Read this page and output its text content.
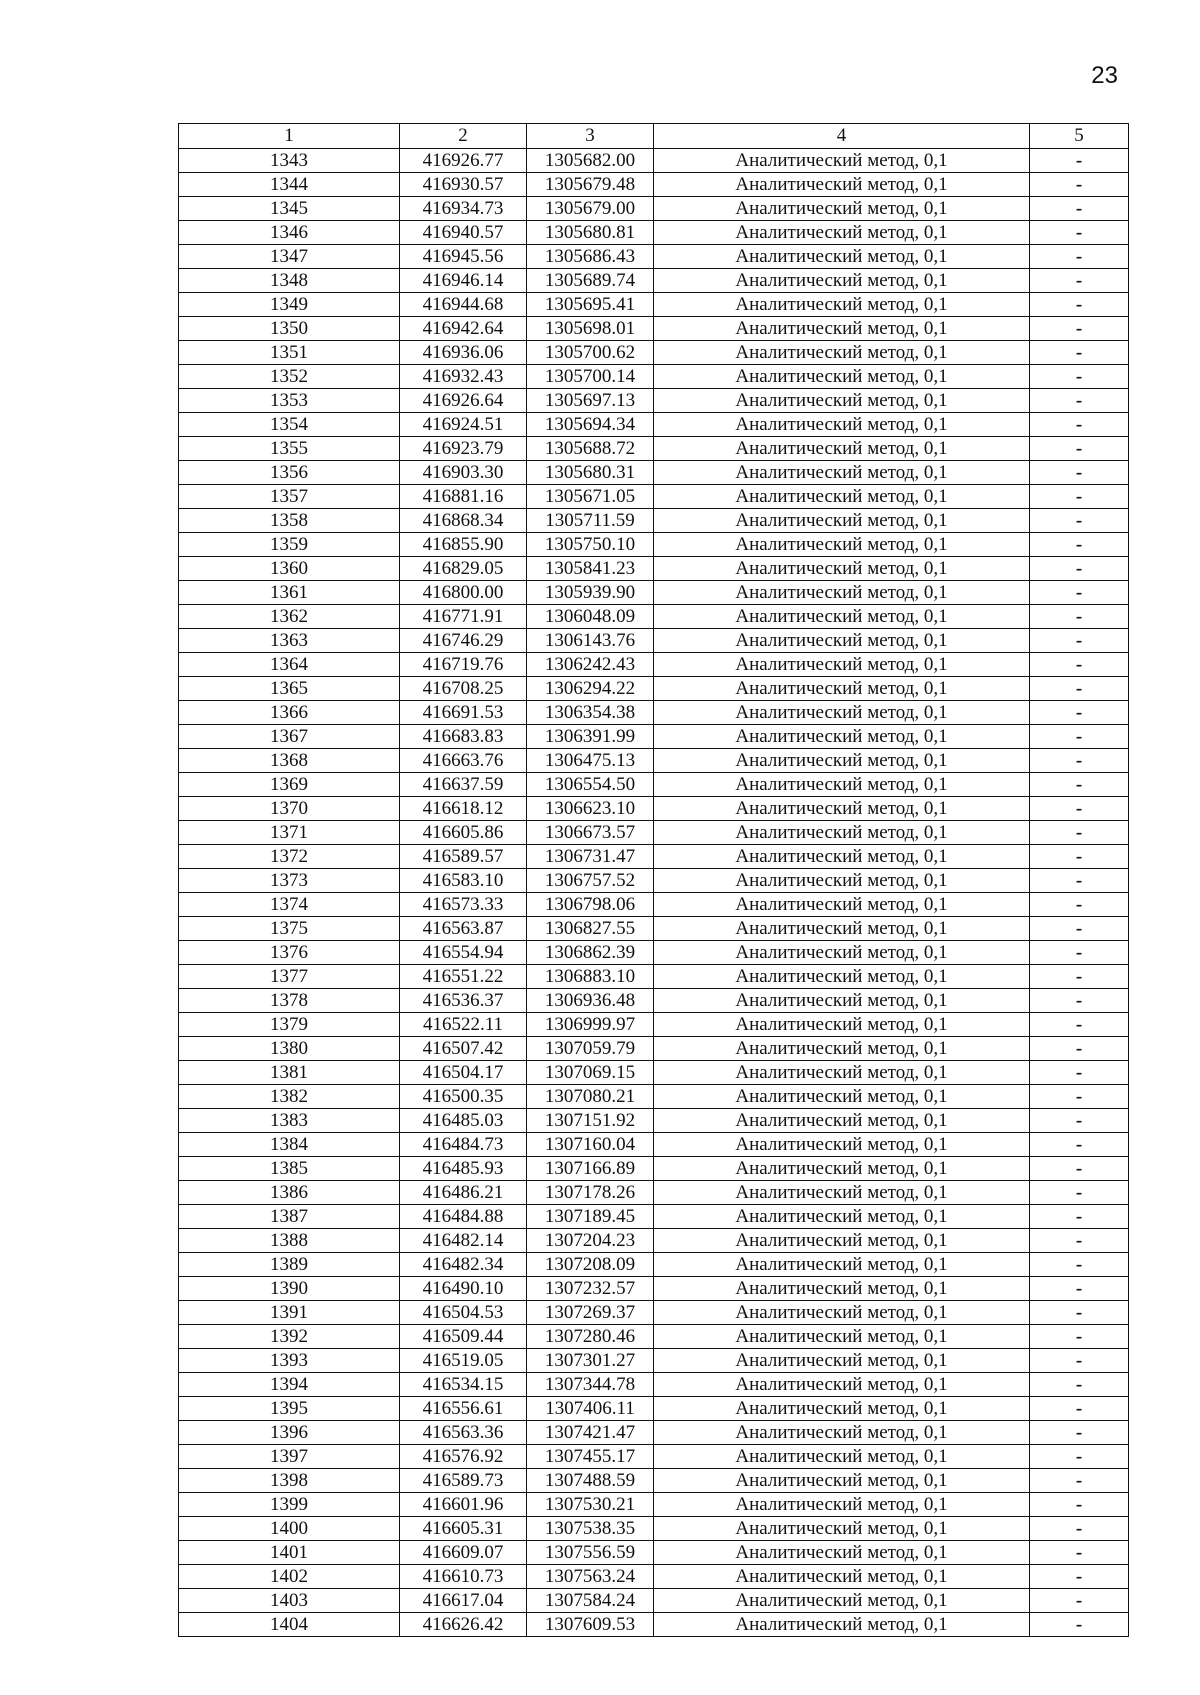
23
1	2	3	4	5
1343	416926.77	1305682.00	Аналитический метод, 0,1	-
1344	416930.57	1305679.48	Аналитический метод, 0,1	-
1345	416934.73	1305679.00	Аналитический метод, 0,1	-
1346	416940.57	1305680.81	Аналитический метод, 0,1	-
1347	416945.56	1305686.43	Аналитический метод, 0,1	-
1348	416946.14	1305689.74	Аналитический метод, 0,1	-
1349	416944.68	1305695.41	Аналитический метод, 0,1	-
1350	416942.64	1305698.01	Аналитический метод, 0,1	-
1351	416936.06	1305700.62	Аналитический метод, 0,1	-
1352	416932.43	1305700.14	Аналитический метод, 0,1	-
1353	416926.64	1305697.13	Аналитический метод, 0,1	-
1354	416924.51	1305694.34	Аналитический метод, 0,1	-
1355	416923.79	1305688.72	Аналитический метод, 0,1	-
1356	416903.30	1305680.31	Аналитический метод, 0,1	-
1357	416881.16	1305671.05	Аналитический метод, 0,1	-
1358	416868.34	1305711.59	Аналитический метод, 0,1	-
1359	416855.90	1305750.10	Аналитический метод, 0,1	-
1360	416829.05	1305841.23	Аналитический метод, 0,1	-
1361	416800.00	1305939.90	Аналитический метод, 0,1	-
1362	416771.91	1306048.09	Аналитический метод, 0,1	-
1363	416746.29	1306143.76	Аналитический метод, 0,1	-
1364	416719.76	1306242.43	Аналитический метод, 0,1	-
1365	416708.25	1306294.22	Аналитический метод, 0,1	-
1366	416691.53	1306354.38	Аналитический метод, 0,1	-
1367	416683.83	1306391.99	Аналитический метод, 0,1	-
1368	416663.76	1306475.13	Аналитический метод, 0,1	-
1369	416637.59	1306554.50	Аналитический метод, 0,1	-
1370	416618.12	1306623.10	Аналитический метод, 0,1	-
1371	416605.86	1306673.57	Аналитический метод, 0,1	-
1372	416589.57	1306731.47	Аналитический метод, 0,1	-
1373	416583.10	1306757.52	Аналитический метод, 0,1	-
1374	416573.33	1306798.06	Аналитический метод, 0,1	-
1375	416563.87	1306827.55	Аналитический метод, 0,1	-
1376	416554.94	1306862.39	Аналитический метод, 0,1	-
1377	416551.22	1306883.10	Аналитический метод, 0,1	-
1378	416536.37	1306936.48	Аналитический метод, 0,1	-
1379	416522.11	1306999.97	Аналитический метод, 0,1	-
1380	416507.42	1307059.79	Аналитический метод, 0,1	-
1381	416504.17	1307069.15	Аналитический метод, 0,1	-
1382	416500.35	1307080.21	Аналитический метод, 0,1	-
1383	416485.03	1307151.92	Аналитический метод, 0,1	-
1384	416484.73	1307160.04	Аналитический метод, 0,1	-
1385	416485.93	1307166.89	Аналитический метод, 0,1	-
1386	416486.21	1307178.26	Аналитический метод, 0,1	-
1387	416484.88	1307189.45	Аналитический метод, 0,1	-
1388	416482.14	1307204.23	Аналитический метод, 0,1	-
1389	416482.34	1307208.09	Аналитический метод, 0,1	-
1390	416490.10	1307232.57	Аналитический метод, 0,1	-
1391	416504.53	1307269.37	Аналитический метод, 0,1	-
1392	416509.44	1307280.46	Аналитический метод, 0,1	-
1393	416519.05	1307301.27	Аналитический метод, 0,1	-
1394	416534.15	1307344.78	Аналитический метод, 0,1	-
1395	416556.61	1307406.11	Аналитический метод, 0,1	-
1396	416563.36	1307421.47	Аналитический метод, 0,1	-
1397	416576.92	1307455.17	Аналитический метод, 0,1	-
1398	416589.73	1307488.59	Аналитический метод, 0,1	-
1399	416601.96	1307530.21	Аналитический метод, 0,1	-
1400	416605.31	1307538.35	Аналитический метод, 0,1	-
1401	416609.07	1307556.59	Аналитический метод, 0,1	-
1402	416610.73	1307563.24	Аналитический метод, 0,1	-
1403	416617.04	1307584.24	Аналитический метод, 0,1	-
1404	416626.42	1307609.53	Аналитический метод, 0,1	-
